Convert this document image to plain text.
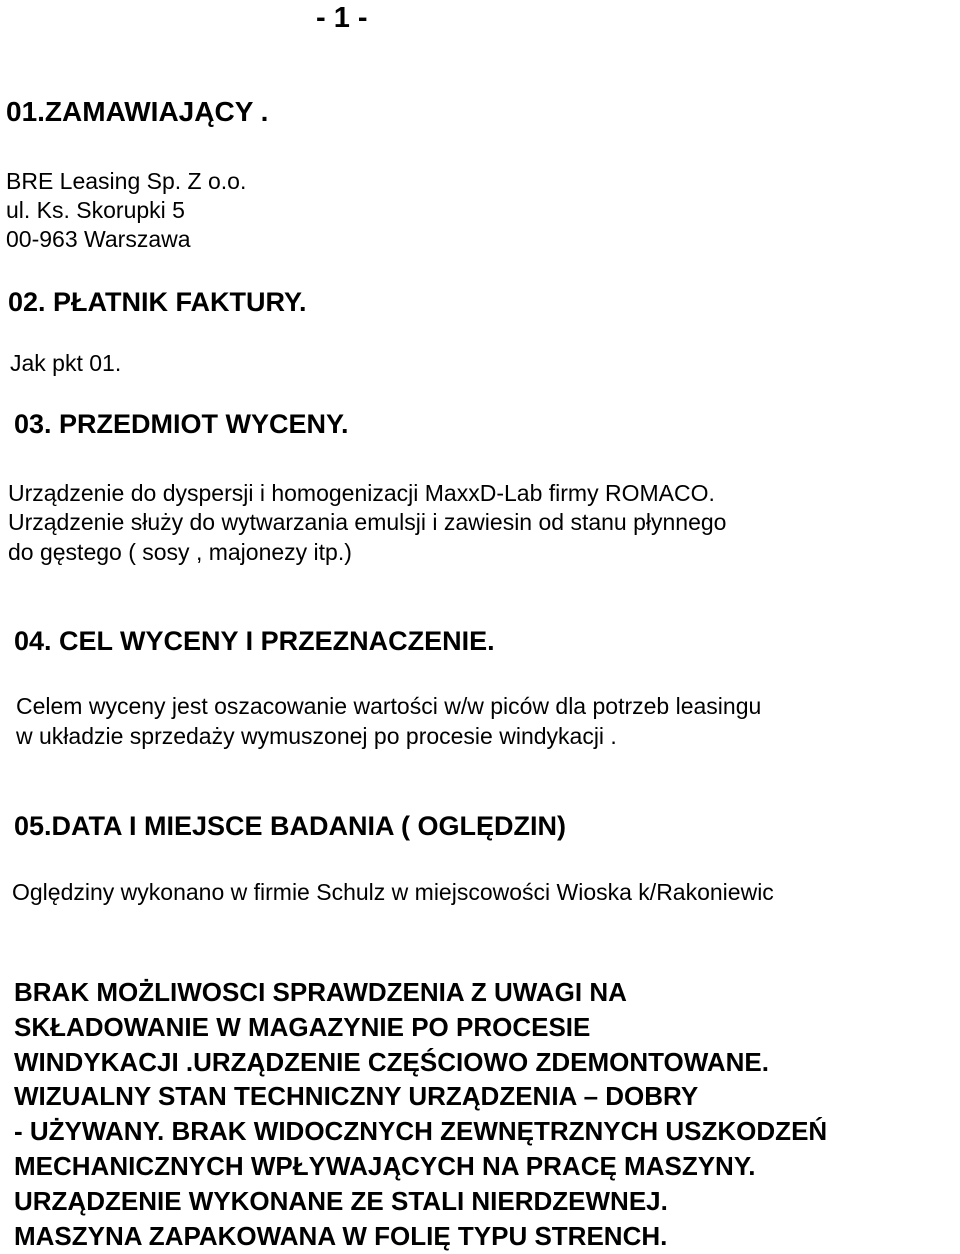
- 1 -
01.ZAMAWIAJĄCY .
BRE Leasing Sp. Z o.o.
ul. Ks. Skorupki 5
00-963 Warszawa
02. PŁATNIK FAKTURY.
Jak pkt 01.
03. PRZEDMIOT WYCENY.
Urządzenie do dyspersji i homogenizacji MaxxD-Lab firmy ROMACO.
Urządzenie służy do wytwarzania emulsji i zawiesin od stanu płynnego
do gęstego ( sosy , majonezy itp.)
04. CEL WYCENY I PRZEZNACZENIE.
Celem wyceny jest oszacowanie wartości w/w piców dla potrzeb leasingu
w układzie sprzedaży wymuszonej po procesie windykacji .
05.DATA I MIEJSCE BADANIA ( OGLĘDZIN)
Oględziny wykonano w firmie Schulz w miejscowości Wioska k/Rakoniewic
BRAK MOŻLIWOSCI SPRAWDZENIA Z UWAGI NA
SKŁADOWANIE W MAGAZYNIE PO PROCESIE
WINDYKACJI .URZĄDZENIE CZĘŚCIOWO ZDEMONTOWANE.
WIZUALNY STAN TECHNICZNY URZĄDZENIA – DOBRY
- UŻYWANY. BRAK WIDOCZNYCH ZEWNĘTRZNYCH USZKODZEŃ
MECHANICZNYCH WPŁYWAJĄCYCH NA PRACĘ MASZYNY.
URZĄDZENIE WYKONANE ZE STALI NIERDZEWNEJ.
MASZYNA ZAPAKOWANA W FOLIĘ TYPU STRENCH.
